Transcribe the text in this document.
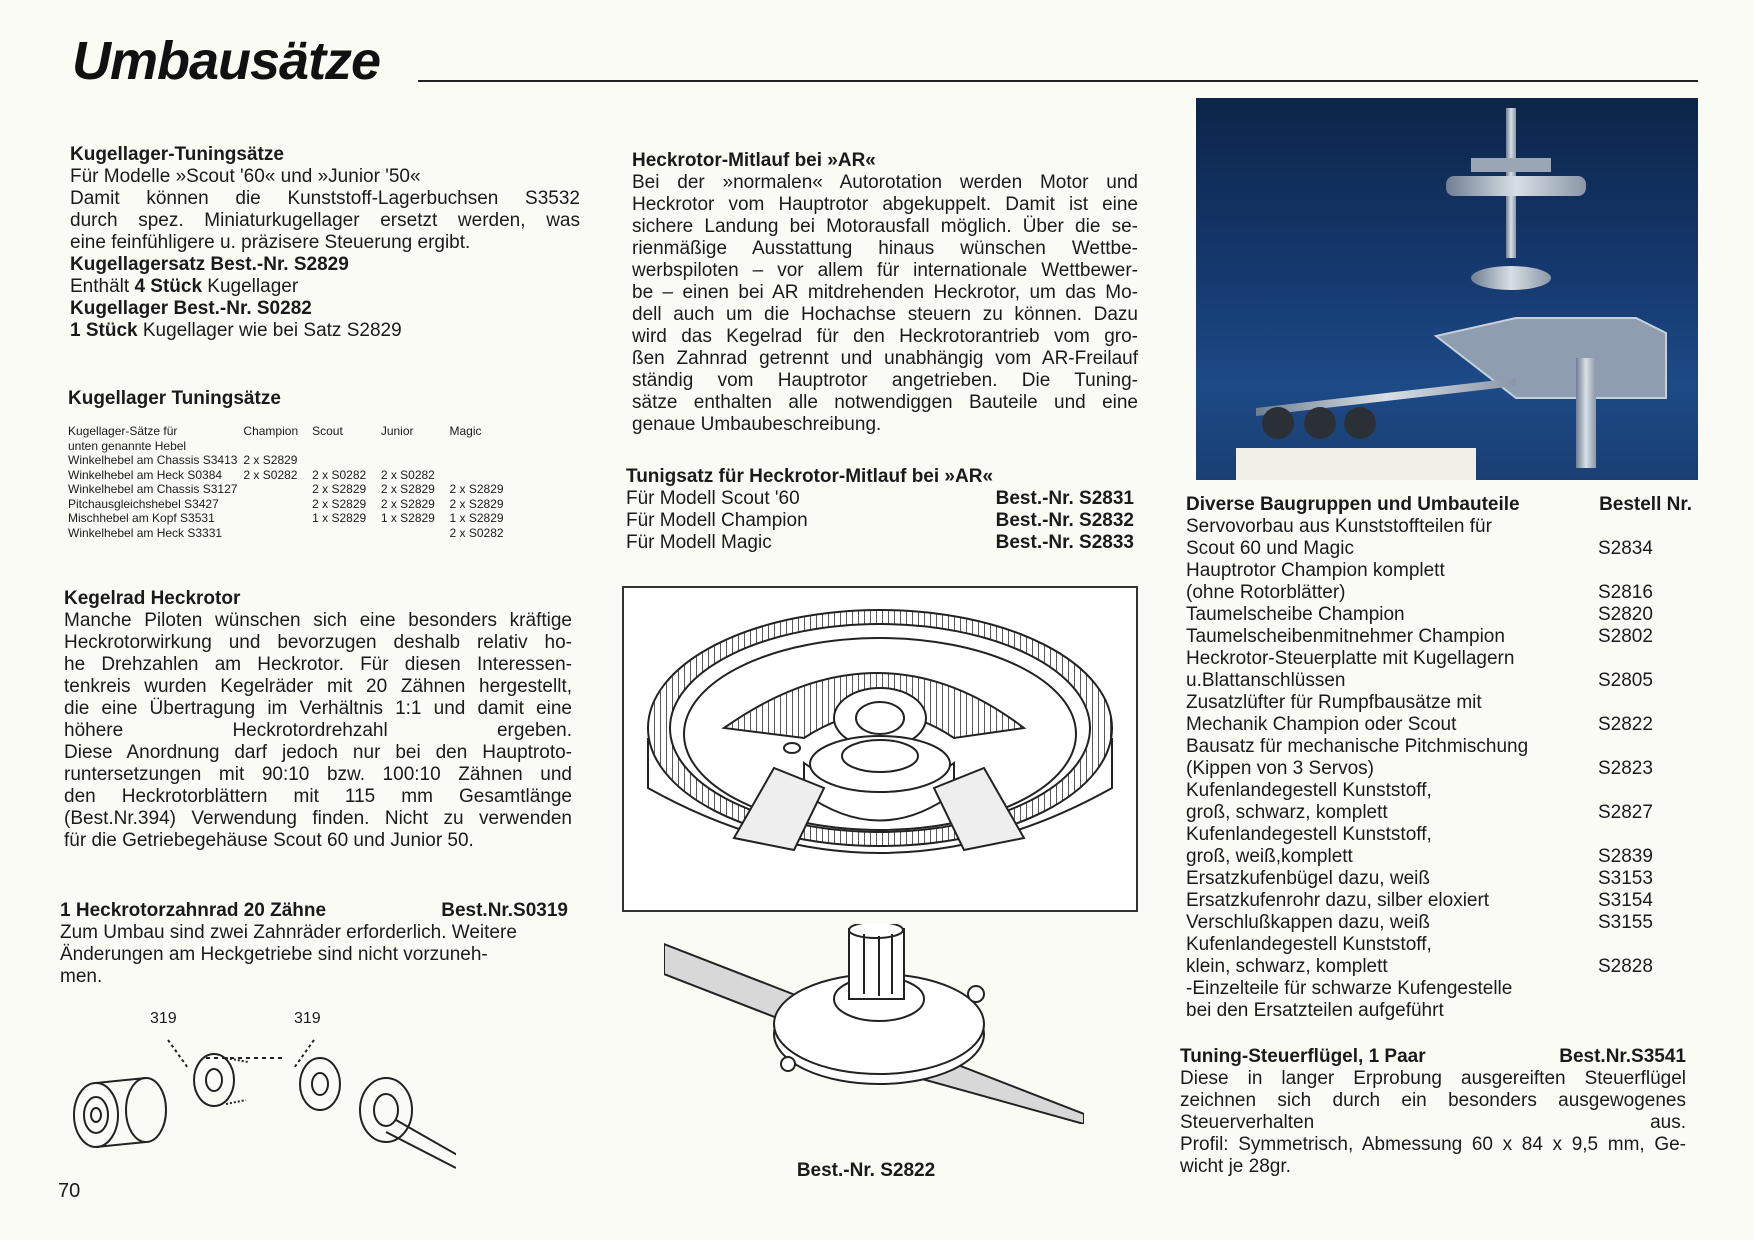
Umbausätze

Kugellager-Tuningsätze

Für Modelle »Scout '60« und »Junior '50«

Damit können die Kunststoff-Lagerbuchsen S3532

durch spez. Miniaturkugellager ersetzt werden, was

eine feinfühligere u. präzisere Steuerung ergibt.

Kugellagersatz Best.-Nr. S2829

Enthält 4 Stück Kugellager

Kugellager Best.-Nr. S0282

1 Stück Kugellager wie bei Satz S2829

Kugellager Tuningsätze

Kugellager-Sätze für
unten genannte Hebel	Champion	Scout	Junior	Magic
Winkelhebel am Chassis S3413	2 x S2829			
Winkelhebel am Heck S0384	2 x S0282	2 x S0282	2 x S0282	
Winkelhebel am Chassis S3127		2 x S2829	2 x S2829	2 x S2829
Pitchausgleichshebel S3427		2 x S2829	2 x S2829	2 x S2829
Mischhebel am Kopf S3531		1 x S2829	1 x S2829	1 x S2829
Winkelhebel am Heck S3331				2 x S0282

Kegelrad Heckrotor

Manche Piloten wünschen sich eine besonders kräftige

Heckrotorwirkung und bevorzugen deshalb relativ ho-

he Drehzahlen am Heckrotor. Für diesen Interessen-

tenkreis wurden Kegelräder mit 20 Zähnen hergestellt,

die eine Übertragung im Verhältnis 1:1 und damit eine

höhere Heckrotordrehzahl ergeben.

Diese Anordnung darf jedoch nur bei den Hauptroto-

runtersetzungen mit 90:10 bzw. 100:10 Zähnen und

den Heckrotorblättern mit 115 mm Gesamtlänge

(Best.Nr.394) Verwendung finden. Nicht zu verwenden

für die Getriebegehäuse Scout 60 und Junior 50.

1 Heckrotorzahnrad 20 Zähne	Best.Nr.S0319

Zum Umbau sind zwei Zahnräder erforderlich. Weitere

Änderungen am Heckgetriebe sind nicht vorzuneh-

men.

319	319
70

Heckrotor-Mitlauf bei »AR«

Bei der »normalen« Autorotation werden Motor und

Heckrotor vom Hauptrotor abgekuppelt. Damit ist eine

sichere Landung bei Motorausfall möglich. Über die se-

rienmäßige Ausstattung hinaus wünschen Wettbe-

werbspiloten – vor allem für internationale Wettbewer-

be – einen bei AR mitdrehenden Heckrotor, um das Mo-

dell auch um die Hochachse steuern zu können. Dazu

wird das Kegelrad für den Heckrotorantrieb vom gro-

ßen Zahnrad getrennt und unabhängig vom AR-Freilauf

ständig vom Hauptrotor angetrieben. Die Tuning-

sätze enthalten alle notwendiggen Bauteile und eine

genaue Umbaubeschreibung.

Tunigsatz für Heckrotor-Mitlauf bei »AR«

Für Modell Scout '60	Best.-Nr. S2831
Für Modell Champion	Best.-Nr. S2832
Für Modell Magic	Best.-Nr. S2833
Best.-Nr. S2822
Diverse Baugruppen und Umbauteile	Bestell Nr.

Servovorbau aus Kunststoffteilen für

Scout 60 und Magic	S2834

Hauptrotor Champion komplett

(ohne Rotorblätter)	S2816

Taumelscheibe Champion	S2820

Taumelscheibenmitnehmer Champion	S2802

Heckrotor-Steuerplatte mit Kugellagern

u.Blattanschlüssen	S2805

Zusatzlüfter für Rumpfbausätze mit

Mechanik Champion oder Scout	S2822

Bausatz für mechanische Pitchmischung

(Kippen von 3 Servos)	S2823

Kufenlandegestell Kunststoff,

groß, schwarz, komplett	S2827

Kufenlandegestell Kunststoff,

groß, weiß,komplett	S2839

Ersatzkufenbügel dazu, weiß	S3153

Ersatzkufenrohr dazu, silber eloxiert	S3154

Verschlußkappen dazu, weiß	S3155

Kufenlandegestell Kunststoff,

klein, schwarz, komplett	S2828

-Einzelteile für schwarze Kufengestelle

bei den Ersatzteilen aufgeführt

Tuning-Steuerflügel, 1 Paar	Best.Nr.S3541

Diese in langer Erprobung ausgereiften Steuerflügel

zeichnen sich durch ein besonders ausgewogenes

Steuerverhalten aus.

Profil: Symmetrisch, Abmessung 60 x 84 x 9,5 mm, Ge-

wicht je 28gr.
